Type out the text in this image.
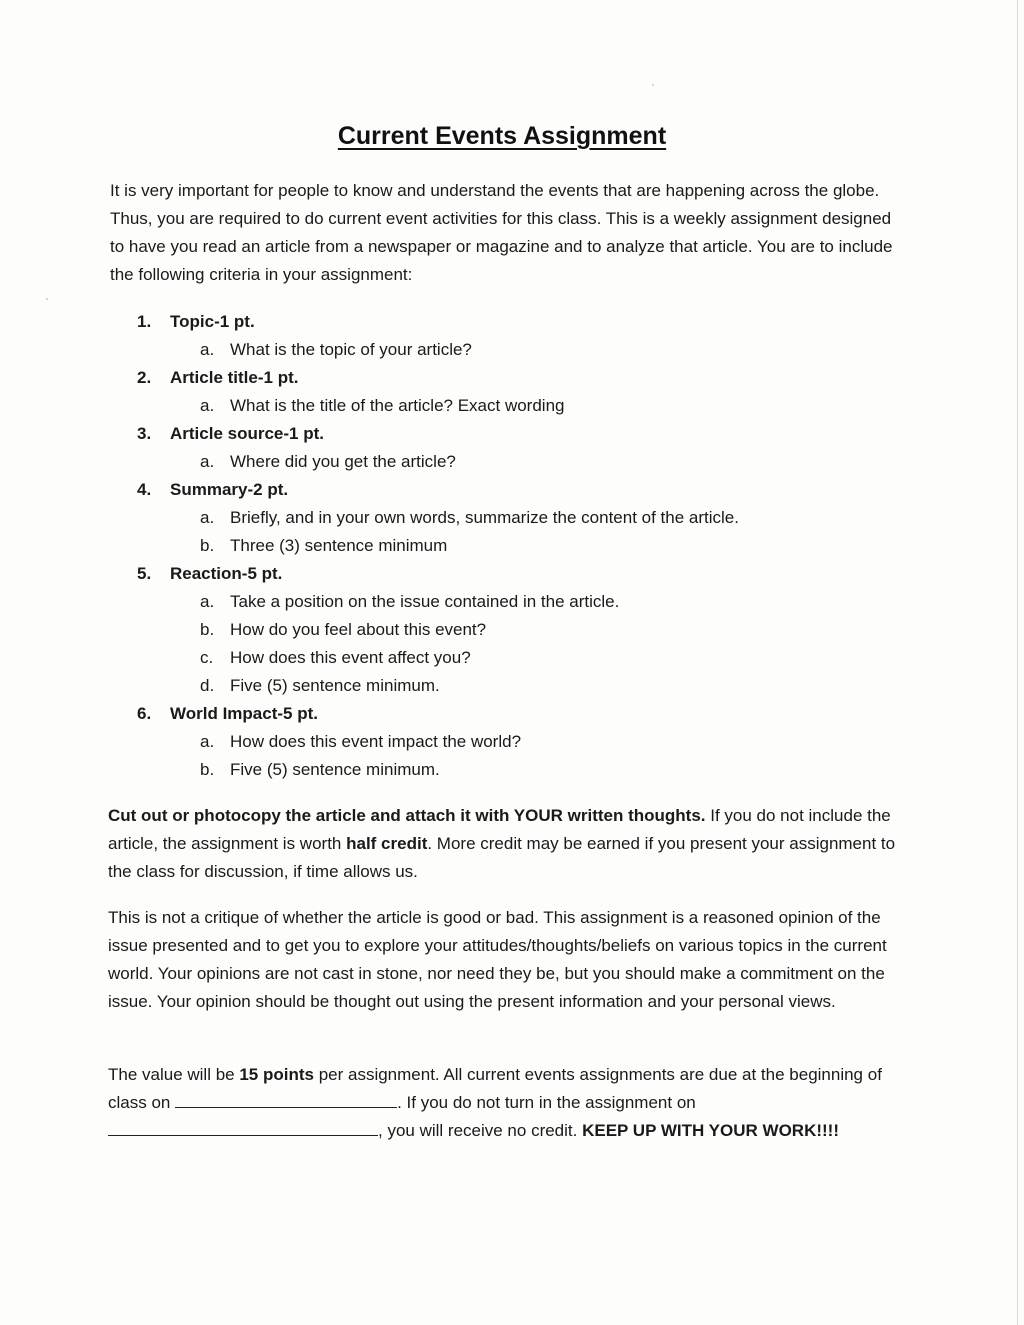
Current Events Assignment
It is very important for people to know and understand the events that are happening across the globe. Thus, you are required to do current event activities for this class. This is a weekly assignment designed to have you read an article from a newspaper or magazine and to analyze that article. You are to include the following criteria in your assignment:
1. Topic-1 pt.
a. What is the topic of your article?
2. Article title-1 pt.
a. What is the title of the article? Exact wording
3. Article source-1 pt.
a. Where did you get the article?
4. Summary-2 pt.
a. Briefly, and in your own words, summarize the content of the article.
b. Three (3) sentence minimum
5. Reaction-5 pt.
a. Take a position on the issue contained in the article.
b. How do you feel about this event?
c. How does this event affect you?
d. Five (5) sentence minimum.
6. World Impact-5 pt.
a. How does this event impact the world?
b. Five (5) sentence minimum.
Cut out or photocopy the article and attach it with YOUR written thoughts. If you do not include the article, the assignment is worth half credit. More credit may be earned if you present your assignment to the class for discussion, if time allows us.
This is not a critique of whether the article is good or bad. This assignment is a reasoned opinion of the issue presented and to get you to explore your attitudes/thoughts/beliefs on various topics in the current world. Your opinions are not cast in stone, nor need they be, but you should make a commitment on the issue. Your opinion should be thought out using the present information and your personal views.
The value will be 15 points per assignment. All current events assignments are due at the beginning of class on	. If you do not turn in the assignment on , you will receive no credit. KEEP UP WITH YOUR WORK!!!!
